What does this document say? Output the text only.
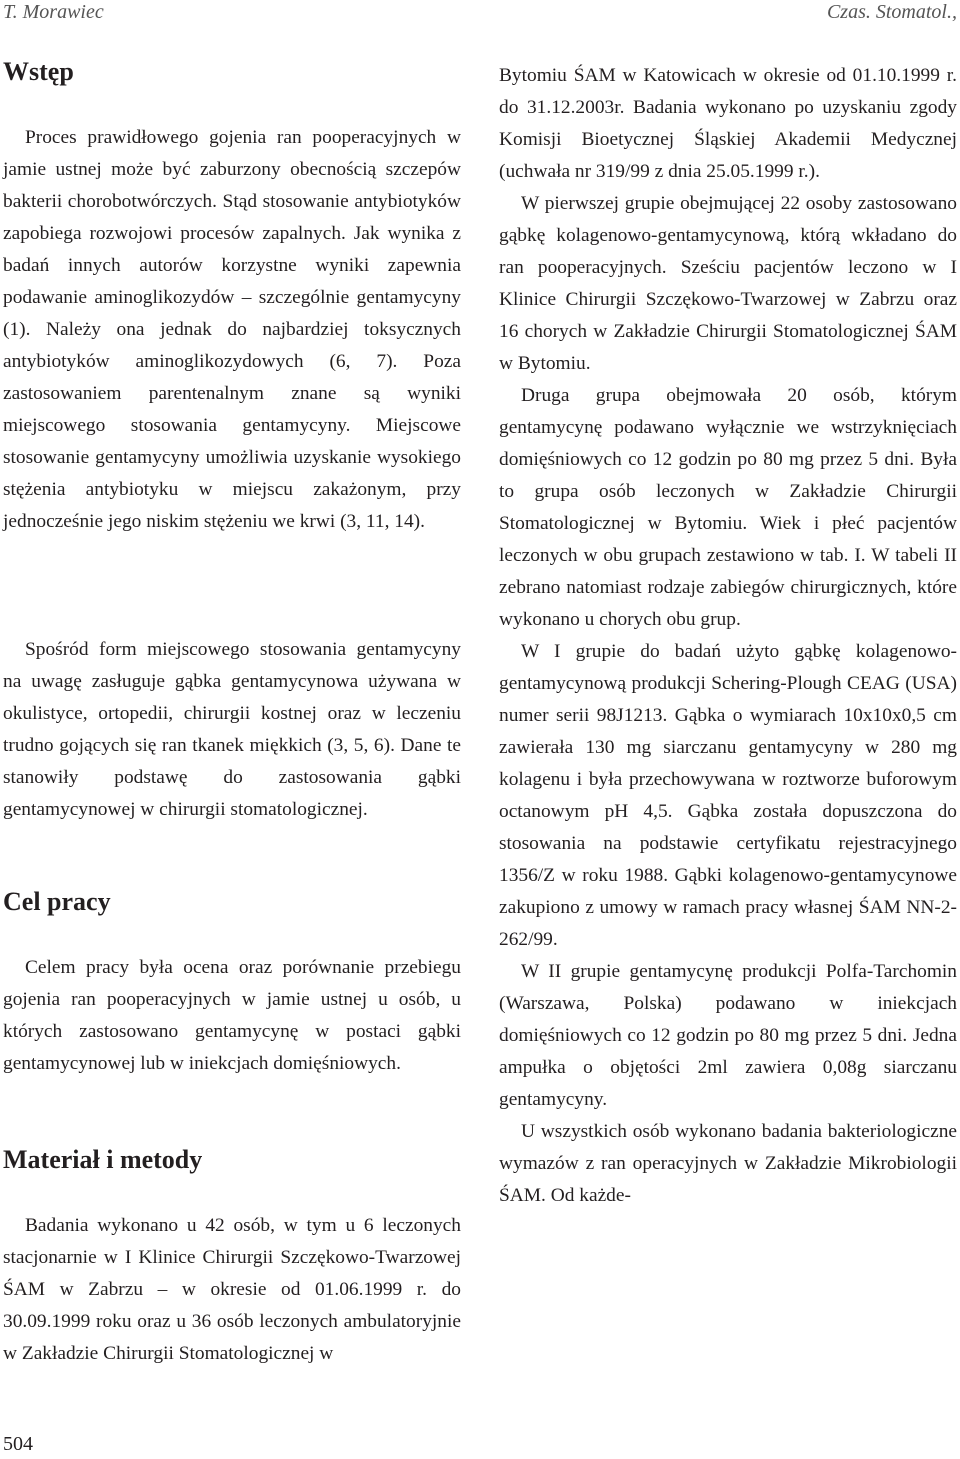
T. Morawiec	Czas. Stomatol.,
Wstęp

Proces prawidłowego gojenia ran pooperacyjnych w jamie ustnej może być zaburzony obecnością szczepów bakterii chorobotwórczych. Stąd stosowanie antybiotyków zapobiega rozwojowi procesów zapalnych. Jak wynika z badań innych autorów korzystne wyniki zapewnia podawanie aminoglikozydów – szczególnie gentamycyny (1). Należy ona jednak do najbardziej toksycznych antybiotyków aminoglikozydowych (6, 7). Poza zastosowaniem parentenalnym znane są wyniki miejscowego stosowania gentamycyny. Miejscowe stosowanie gentamycyny umożliwia uzyskanie wysokiego stężenia antybiotyku w miejscu zakażonym, przy jednocześnie jego niskim stężeniu we krwi (3, 11, 14).

Spośród form miejscowego stosowania gentamycyny na uwagę zasługuje gąbka gentamycynowa używana w okulistyce, ortopedii, chirurgii kostnej oraz w leczeniu trudno gojących się ran tkanek miękkich (3, 5, 6). Dane te stanowiły podstawę do zastosowania gąbki gentamycynowej w chirurgii stomatologicznej.

Cel pracy

Celem pracy była ocena oraz porównanie przebiegu gojenia ran pooperacyjnych w jamie ustnej u osób, u których zastosowano gentamycynę w postaci gąbki gentamycynowej lub w iniekcjach domięśniowych.

Materiał i metody

Badania wykonano u 42 osób, w tym u 6 leczonych stacjonarnie w I Klinice Chirurgii Szczękowo-Twarzowej ŚAM w Zabrzu – w okresie od 01.06.1999 r. do 30.09.1999 roku oraz u 36 osób leczonych ambulatoryjnie w Zakładzie Chirurgii Stomatologicznej w

Bytomiu ŚAM w Katowicach w okresie od 01.10.1999 r. do 31.12.2003r. Badania wykonano po uzyskaniu zgody Komisji Bioetycznej Śląskiej Akademii Medycznej (uchwała nr 319/99 z dnia 25.05.1999 r.).

W pierwszej grupie obejmującej 22 osoby zastosowano gąbkę kolagenowo-gentamycynową, którą wkładano do ran pooperacyjnych. Sześciu pacjentów leczono w I Klinice Chirurgii Szczękowo-Twarzowej w Zabrzu oraz 16 chorych w Zakładzie Chirurgii Stomatologicznej ŚAM w Bytomiu.

Druga grupa obejmowała 20 osób, którym gentamycynę podawano wyłącznie we wstrzyknięciach domięśniowych co 12 godzin po 80 mg przez 5 dni. Była to grupa osób leczonych w Zakładzie Chirurgii Stomatologicznej w Bytomiu. Wiek i płeć pacjentów leczonych w obu grupach zestawiono w tab. I. W tabeli II zebrano natomiast rodzaje zabiegów chirurgicznych, które wykonano u chorych obu grup.

W I grupie do badań użyto gąbkę kolagenowo-gentamycynową produkcji Schering-Plough CEAG (USA) numer serii 98J1213. Gąbka o wymiarach 10x10x0,5 cm zawierała 130 mg siarczanu gentamycyny w 280 mg kolagenu i była przechowywana w roztworze buforowym octanowym pH 4,5. Gąbka została dopuszczona do stosowania na podstawie certyfikatu rejestracyjnego 1356/Z w roku 1988. Gąbki kolagenowo-gentamycynowe zakupiono z umowy w ramach pracy własnej ŚAM NN-2-262/99.

W II grupie gentamycynę produkcji Polfa-Tarchomin (Warszawa, Polska) podawano w iniekcjach domięśniowych co 12 godzin po 80 mg przez 5 dni. Jedna ampułka o objętości 2ml zawiera 0,08g siarczanu gentamycyny.

U wszystkich osób wykonano badania bakteriologiczne wymazów z ran operacyjnych w Zakładzie Mikrobiologii ŚAM. Od każde-

504
